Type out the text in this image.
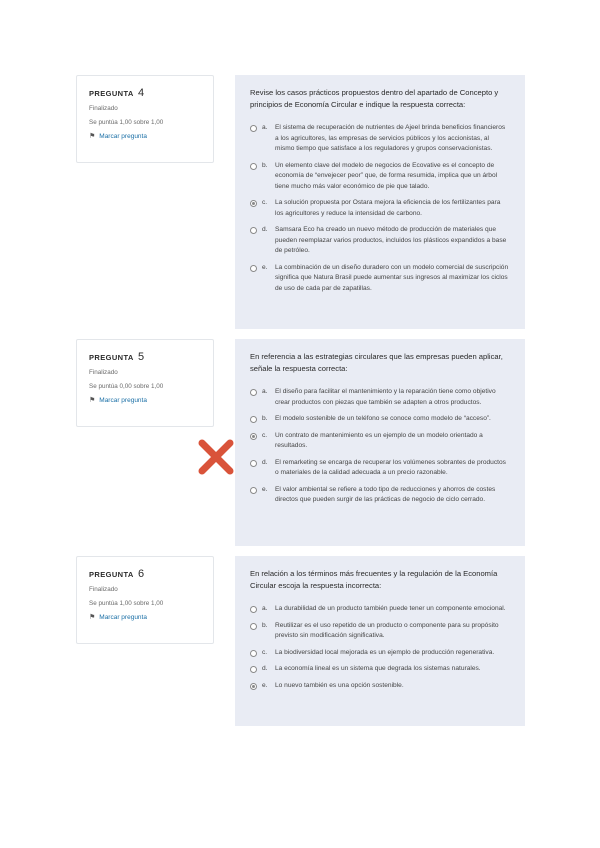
PREGUNTA 4
Finalizado
Se puntúa 1,00 sobre 1,00
⚑ Marcar pregunta
Revise los casos prácticos propuestos dentro del apartado de Concepto y principios de Economía Circular e indique la respuesta correcta:
a.	El sistema de recuperación de nutrientes de Ajeel brinda beneficios financieros a los agricultores, las empresas de servicios públicos y los accionistas, al mismo tiempo que satisface a los reguladores y grupos conservacionistas.
b.	Un elemento clave del modelo de negocios de Ecovative es el concepto de economía de “envejecer peor” que, de forma resumida, implica que un árbol tiene mucho más valor económico de pie que talado.
c.	La solución propuesta por Ostara mejora la eficiencia de los fertilizantes para los agricultores y reduce la intensidad de carbono.
d.	Samsara Eco ha creado un nuevo método de producción de materiales que pueden reemplazar varios productos, incluidos los plásticos expandidos a base de petróleo.
e.	La combinación de un diseño duradero con un modelo comercial de suscripción significa que Natura Brasil puede aumentar sus ingresos al maximizar los ciclos de uso de cada par de zapatillas.
PREGUNTA 5
Finalizado
Se puntúa 0,00 sobre 1,00
⚑ Marcar pregunta
En referencia a las estrategias circulares que las empresas pueden aplicar, señale la respuesta correcta:
a.	El diseño para facilitar el mantenimiento y la reparación tiene como objetivo crear productos con piezas que también se adapten a otros productos.
b.	El modelo sostenible de un teléfono se conoce como modelo de “acceso”.
c.	Un contrato de mantenimiento es un ejemplo de un modelo orientado a resultados.
d.	El remarketing se encarga de recuperar los volúmenes sobrantes de productos o materiales de la calidad adecuada a un precio razonable.
e.	El valor ambiental se refiere a todo tipo de reducciones y ahorros de costes directos que pueden surgir de las prácticas de negocio de ciclo cerrado.
PREGUNTA 6
Finalizado
Se puntúa 1,00 sobre 1,00
⚑ Marcar pregunta
En relación a los términos más frecuentes y la regulación de la Economía Circular escoja la respuesta incorrecta:
a.	La durabilidad de un producto también puede tener un componente emocional.
b.	Reutilizar es el uso repetido de un producto o componente para su propósito previsto sin modificación significativa.
c.	La biodiversidad local mejorada es un ejemplo de producción regenerativa.
d.	La economía lineal es un sistema que degrada los sistemas naturales.
e.	Lo nuevo también es una opción sostenible.
